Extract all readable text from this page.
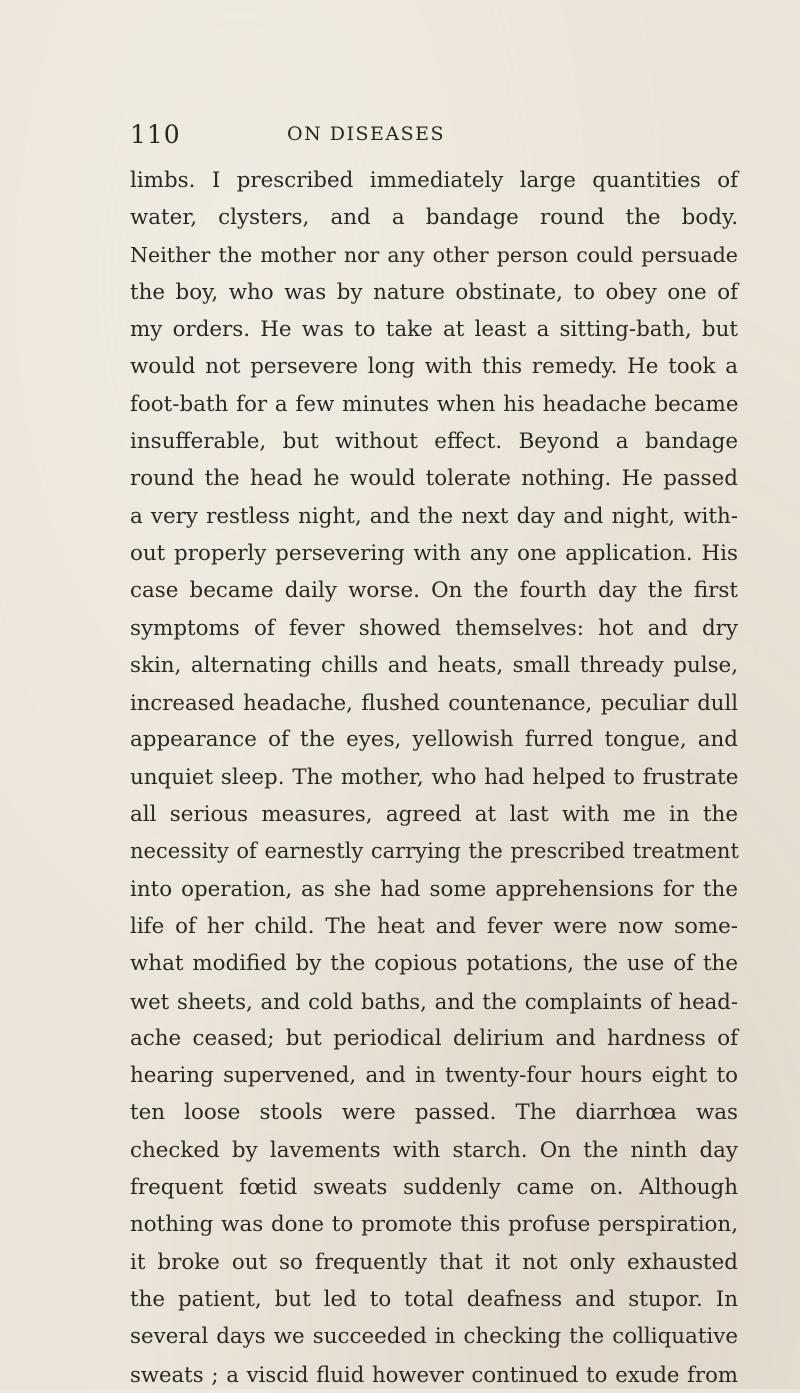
110	ON DISEASES
limbs. I prescribed immediately large quantities of
water, clysters, and a bandage round the body.
Neither the mother nor any other person could persuade
the boy, who was by nature obstinate, to obey one of
my orders. He was to take at least a sitting-bath, but
would not persevere long with this remedy. He took a
foot-bath for a few minutes when his headache became
insufferable, but without effect. Beyond a bandage
round the head he would tolerate nothing. He passed
a very restless night, and the next day and night, with-
out properly persevering with any one application. His
case became daily worse. On the fourth day the first
symptoms of fever showed themselves: hot and dry
skin, alternating chills and heats, small thready pulse,
increased headache, flushed countenance, peculiar dull
appearance of the eyes, yellowish furred tongue, and
unquiet sleep. The mother, who had helped to frustrate
all serious measures, agreed at last with me in the
necessity of earnestly carrying the prescribed treatment
into operation, as she had some apprehensions for the
life of her child. The heat and fever were now some-
what modified by the copious potations, the use of the
wet sheets, and cold baths, and the complaints of head-
ache ceased; but periodical delirium and hardness of
hearing supervened, and in twenty-four hours eight to
ten loose stools were passed. The diarrhœa was
checked by lavements with starch. On the ninth day
frequent fœtid sweats suddenly came on. Although
nothing was done to promote this profuse perspiration,
it broke out so frequently that it not only exhausted
the patient, but led to total deafness and stupor. In
several days we succeeded in checking the colliquative
sweats ; a viscid fluid however continued to exude from
